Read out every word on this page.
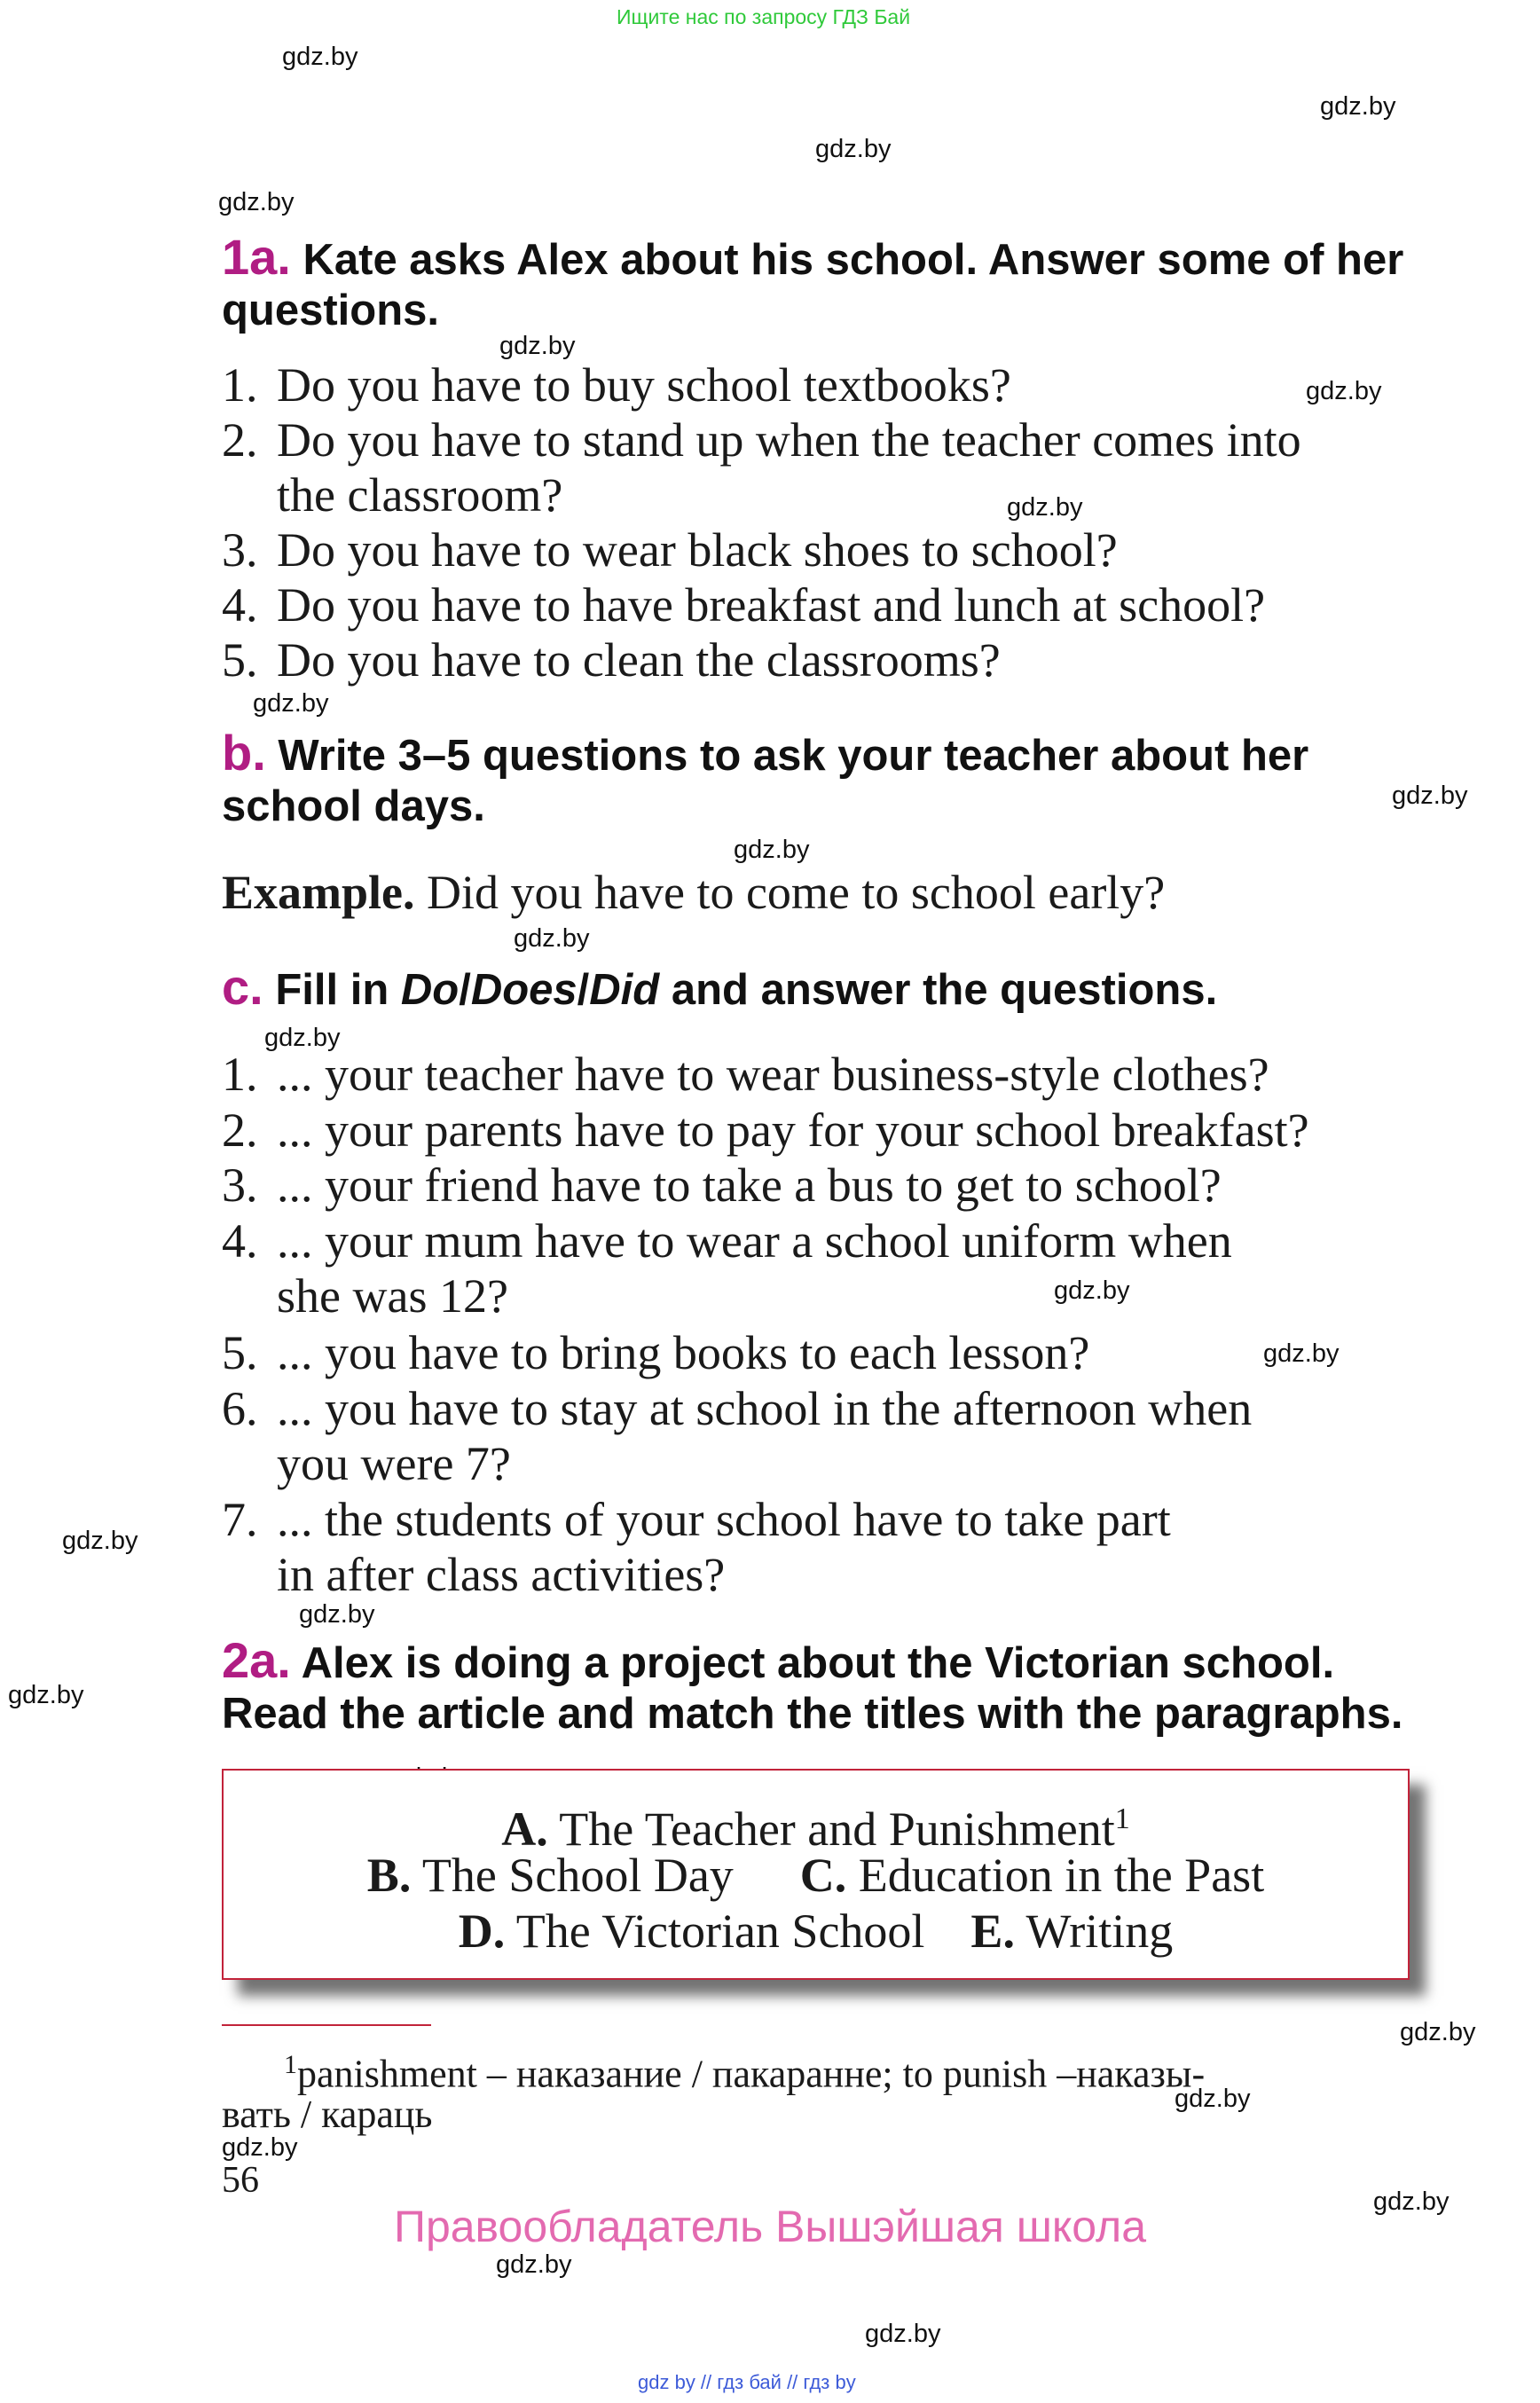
Ищите нас по запросу ГДЗ Бай
gdz.by
gdz.by
gdz.by
gdz.by
gdz.by
gdz.by
gdz.by
gdz.by
gdz.by
gdz.by
gdz.by
gdz.by
gdz.by
gdz.by
gdz.by
gdz.by
gdz.by
gdz.by
gdz.by
gdz.by
gdz.by
gdz.by
gdz.by
1a. Kate asks Alex about his school. Answer some of her
questions.
1. Do you have to buy school textbooks?
2. Do you have to stand up when the teacher comes into
the classroom?
3. Do you have to wear black shoes to school?
4. Do you have to have breakfast and lunch at school?
5. Do you have to clean the classrooms?
b. Write 3–5 questions to ask your teacher about her
school days.
Example. Did you have to come to school early?
c. Fill in Do/Does/Did and answer the questions.
1. ... your teacher have to wear business-style clothes?
2. ... your parents have to pay for your school breakfast?
3. ... your friend have to take a bus to get to school?
4. ... your mum have to wear a school uniform when
she was 12?
5. ... you have to bring books to each lesson?
6. ... you have to stay at school in the afternoon when
you were 7?
7. ... the students of your school have to take part
in after class activities?
2a. Alex is doing a project about the Victorian school.
Read the article and match the titles with the paragraphs.
A. The Teacher and Punishment$^1$
B. The School Day C. Education in the Past
D. The Victorian School E. Writing
$^1$panishment – наказание / пакаранне; to punish –наказы-
вать / караць
56
Правообладатель Вышэйшая школа
gdz by // гдз бай // гдз by
